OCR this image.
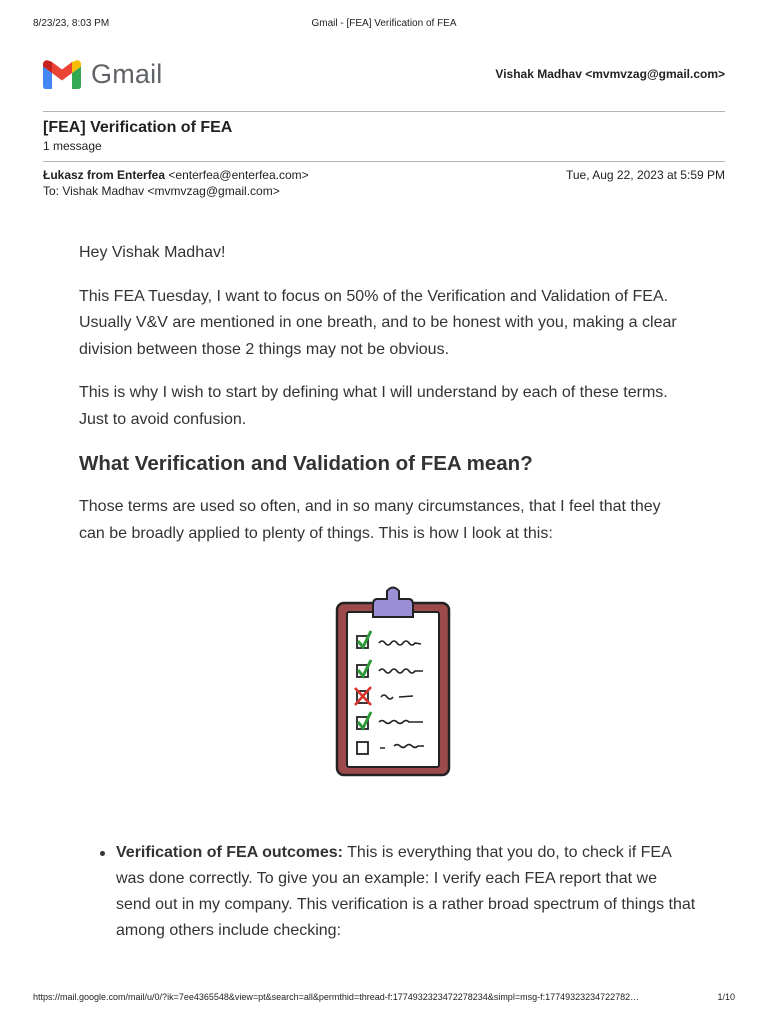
8/23/23, 8:03 PM	Gmail - [FEA] Verification of FEA
Gmail	Vishak Madhav <mvmvzag@gmail.com>
[FEA] Verification of FEA
1 message
Łukasz from Enterfea <enterfea@enterfea.com>	Tue, Aug 22, 2023 at 5:59 PM
To: Vishak Madhav <mvmvzag@gmail.com>

Hey Vishak Madhav!

This FEA Tuesday, I want to focus on 50% of the Verification and Validation of FEA. Usually V&V are mentioned in one breath, and to be honest with you, making a clear division between those 2 things may not be obvious.

This is why I wish to start by defining what I will understand by each of these terms. Just to avoid confusion.

What Verification and Validation of FEA mean?

Those terms are used so often, and in so many circumstances, that I feel that they can be broadly applied to plenty of things. This is how I look at this:

Verification of FEA outcomes: This is everything that you do, to check if FEA was done correctly. To give you an example: I verify each FEA report that we send out in my company. This verification is a rather broad spectrum of things that among others include checking:
https://mail.google.com/mail/u/0/?ik=7ee4365548&view=pt&search=all&permthid=thread-f:1774932323472278234&simpl=msg-f:17749323234722782…	1/10
